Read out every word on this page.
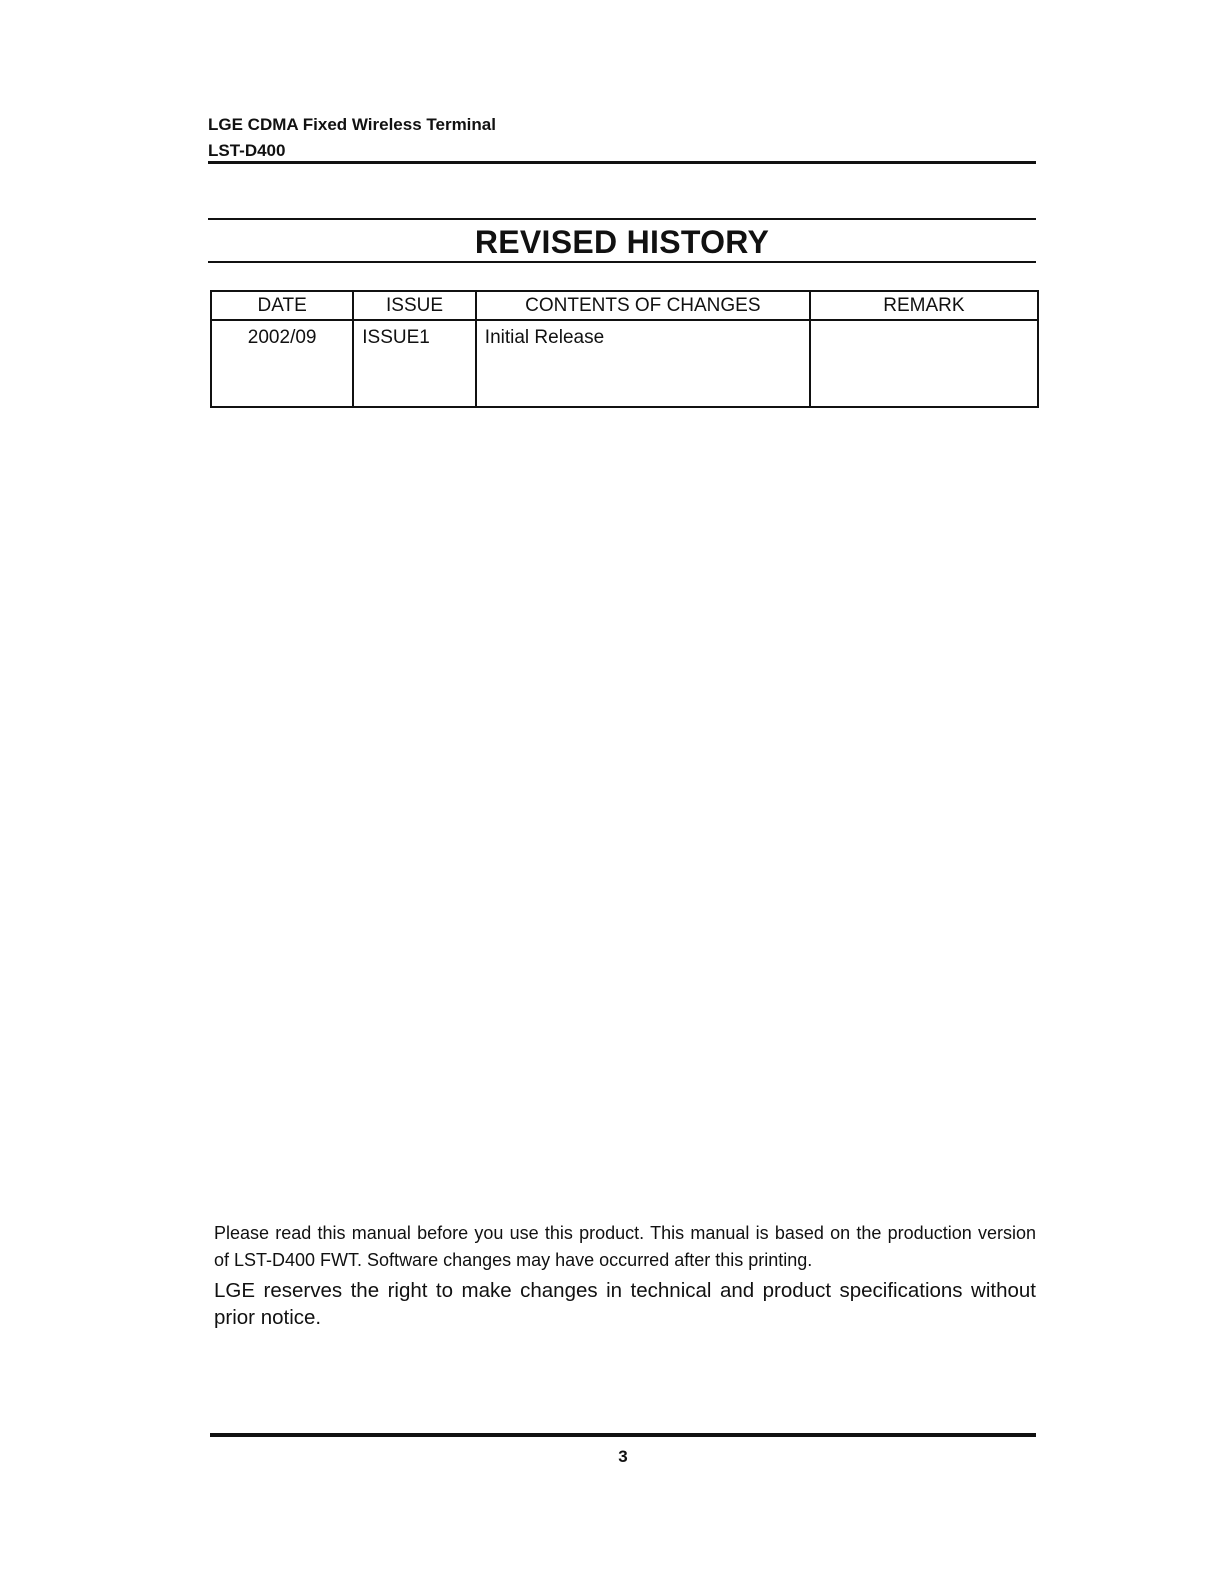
LGE CDMA Fixed Wireless Terminal
LST-D400
REVISED HISTORY
DATE	ISSUE	CONTENTS OF CHANGES	REMARK
2002/09	ISSUE1	Initial Release	

Please read this manual before you use this product. This manual is based on the production version of LST-D400 FWT. Software changes may have occurred after this printing.

LGE reserves the right to make changes in technical and product specifications without prior notice.

3
